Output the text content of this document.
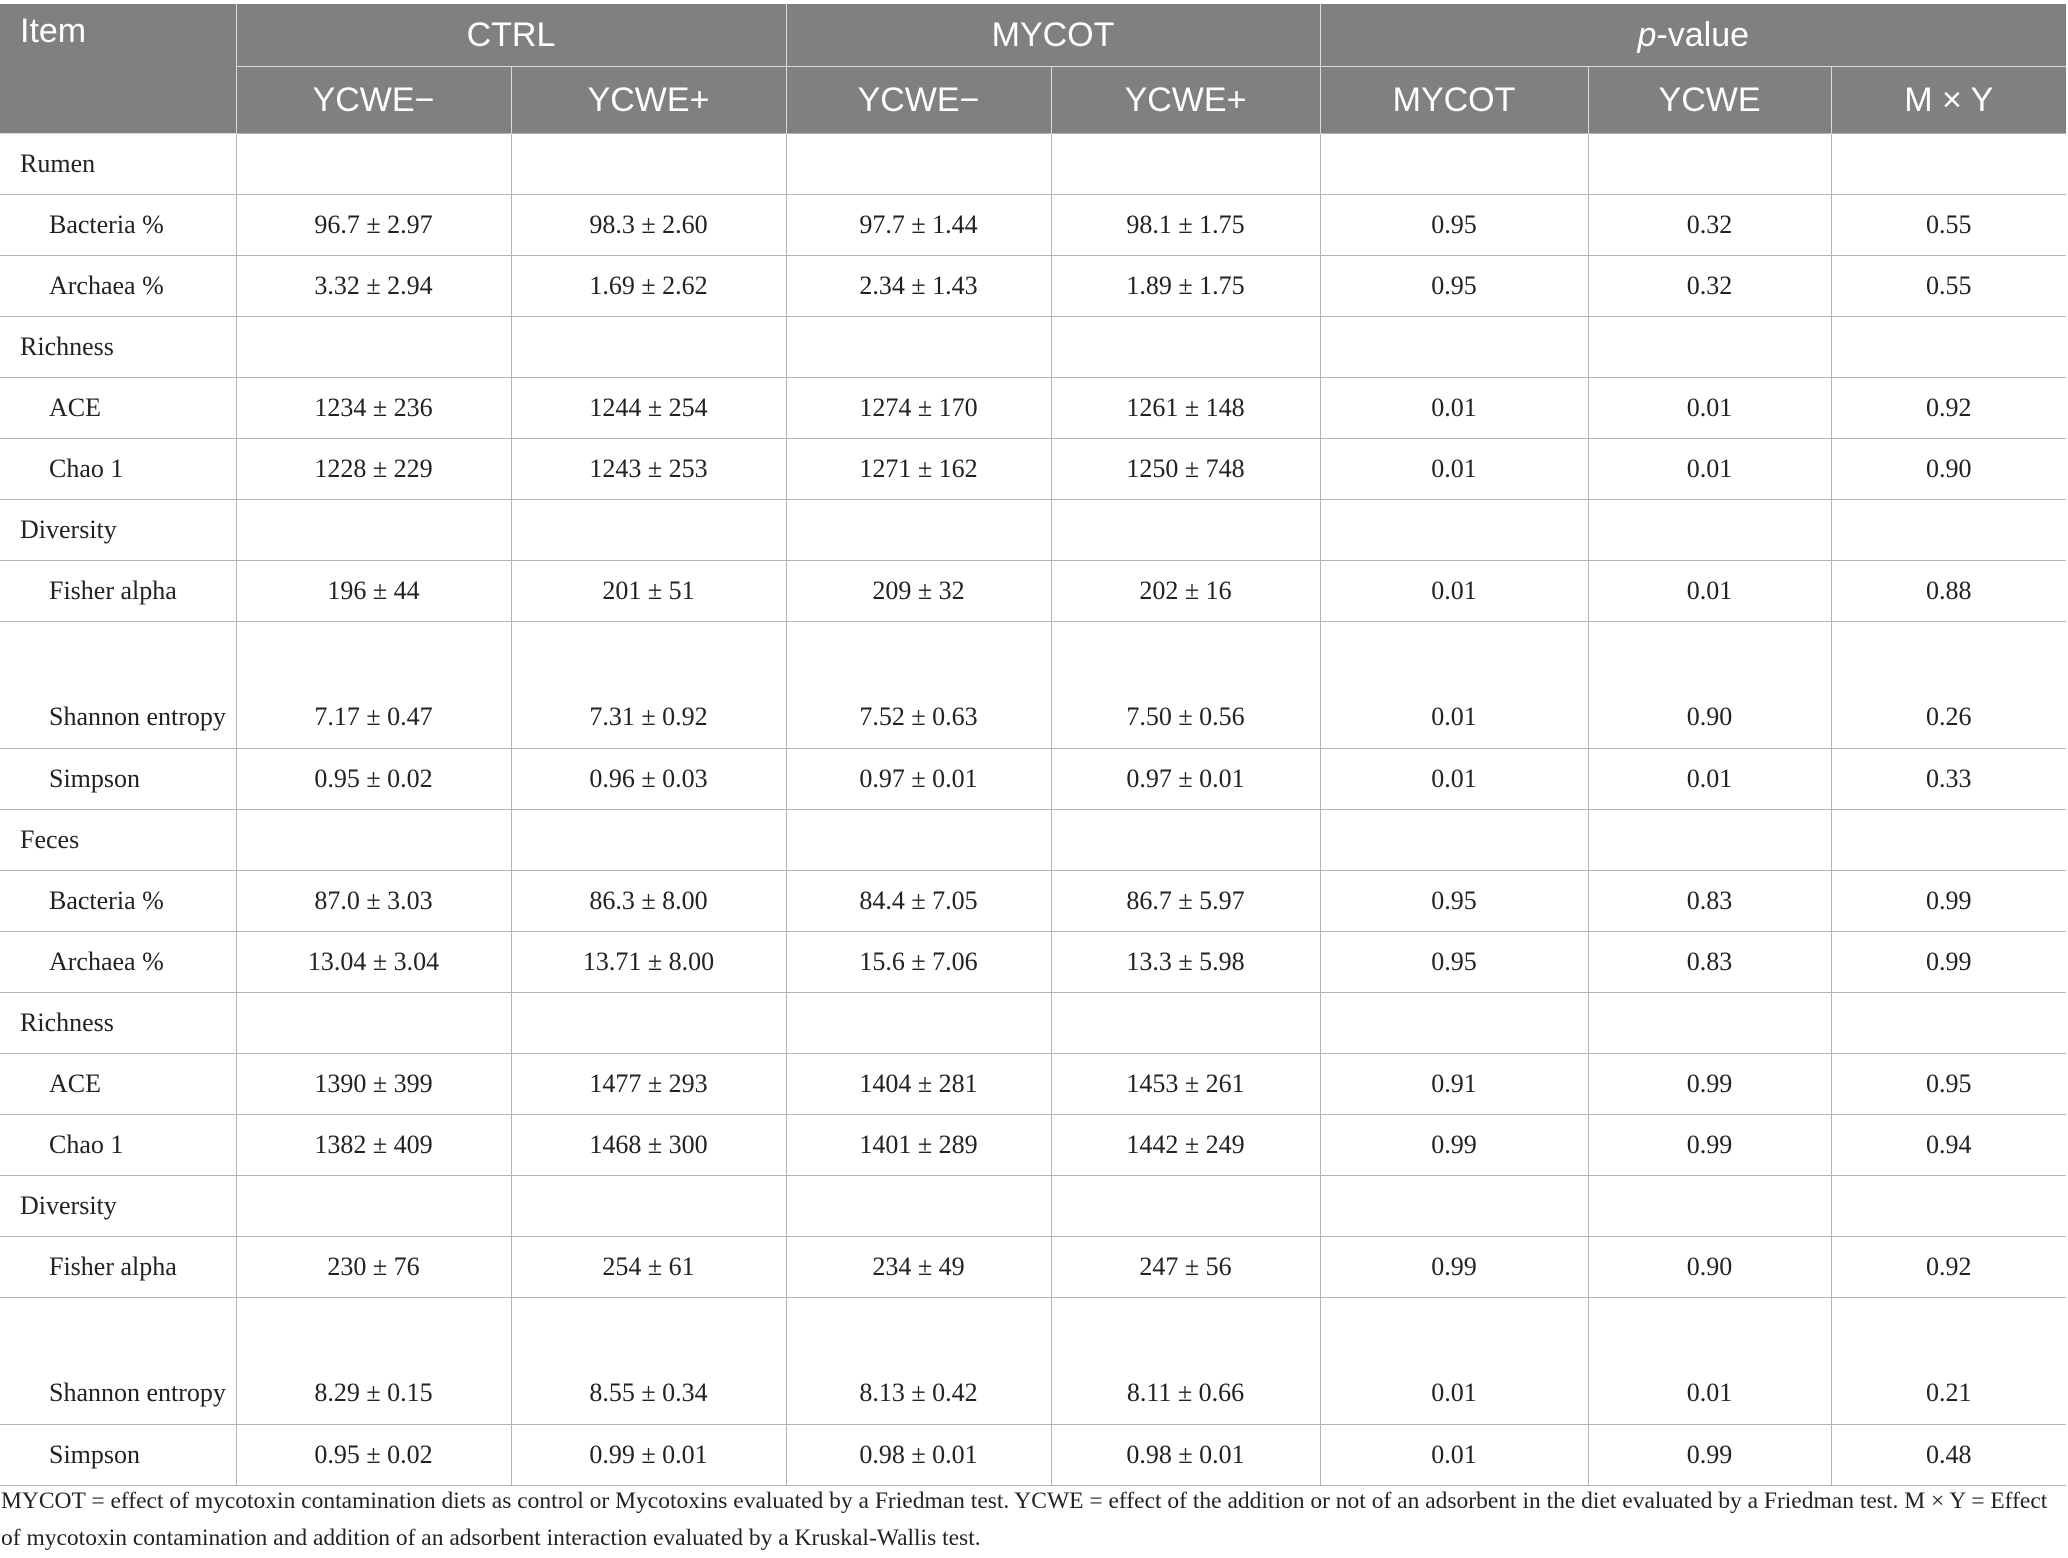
Item	CTRL		MYCOT		p-value		
	YCWE−	YCWE+	YCWE−	YCWE+	MYCOT	YCWE	M × Y
Rumen							
Bacteria %	96.7 ± 2.97	98.3 ± 2.60	97.7 ± 1.44	98.1 ± 1.75	0.95	0.32	0.55
Archaea %	3.32 ± 2.94	1.69 ± 2.62	2.34 ± 1.43	1.89 ± 1.75	0.95	0.32	0.55
Richness							
ACE	1234 ± 236	1244 ± 254	1274 ± 170	1261 ± 148	0.01	0.01	0.92
Chao 1	1228 ± 229	1243 ± 253	1271 ± 162	1250 ± 748	0.01	0.01	0.90
Diversity							
Fisher alpha	196 ± 44	201 ± 51	209 ± 32	202 ± 16	0.01	0.01	0.88
Shannon entropy	7.17 ± 0.47	7.31 ± 0.92	7.52 ± 0.63	7.50 ± 0.56	0.01	0.90	0.26
Simpson	0.95 ± 0.02	0.96 ± 0.03	0.97 ± 0.01	0.97 ± 0.01	0.01	0.01	0.33
Feces							
Bacteria %	87.0 ± 3.03	86.3 ± 8.00	84.4 ± 7.05	86.7 ± 5.97	0.95	0.83	0.99
Archaea %	13.04 ± 3.04	13.71 ± 8.00	15.6 ± 7.06	13.3 ± 5.98	0.95	0.83	0.99
Richness							
ACE	1390 ± 399	1477 ± 293	1404 ± 281	1453 ± 261	0.91	0.99	0.95
Chao 1	1382 ± 409	1468 ± 300	1401 ± 289	1442 ± 249	0.99	0.99	0.94
Diversity							
Fisher alpha	230 ± 76	254 ± 61	234 ± 49	247 ± 56	0.99	0.90	0.92
Shannon entropy	8.29 ± 0.15	8.55 ± 0.34	8.13 ± 0.42	8.11 ± 0.66	0.01	0.01	0.21
Simpson	0.95 ± 0.02	0.99 ± 0.01	0.98 ± 0.01	0.98 ± 0.01	0.01	0.99	0.48
MYCOT = effect of mycotoxin contamination diets as control or Mycotoxins evaluated by a Friedman test. YCWE = effect of the addition or not of an adsorbent in the diet evaluated by a Friedman test. M × Y = Effect of mycotoxin contamination and addition of an adsorbent interaction evaluated by a Kruskal-Wallis test.
